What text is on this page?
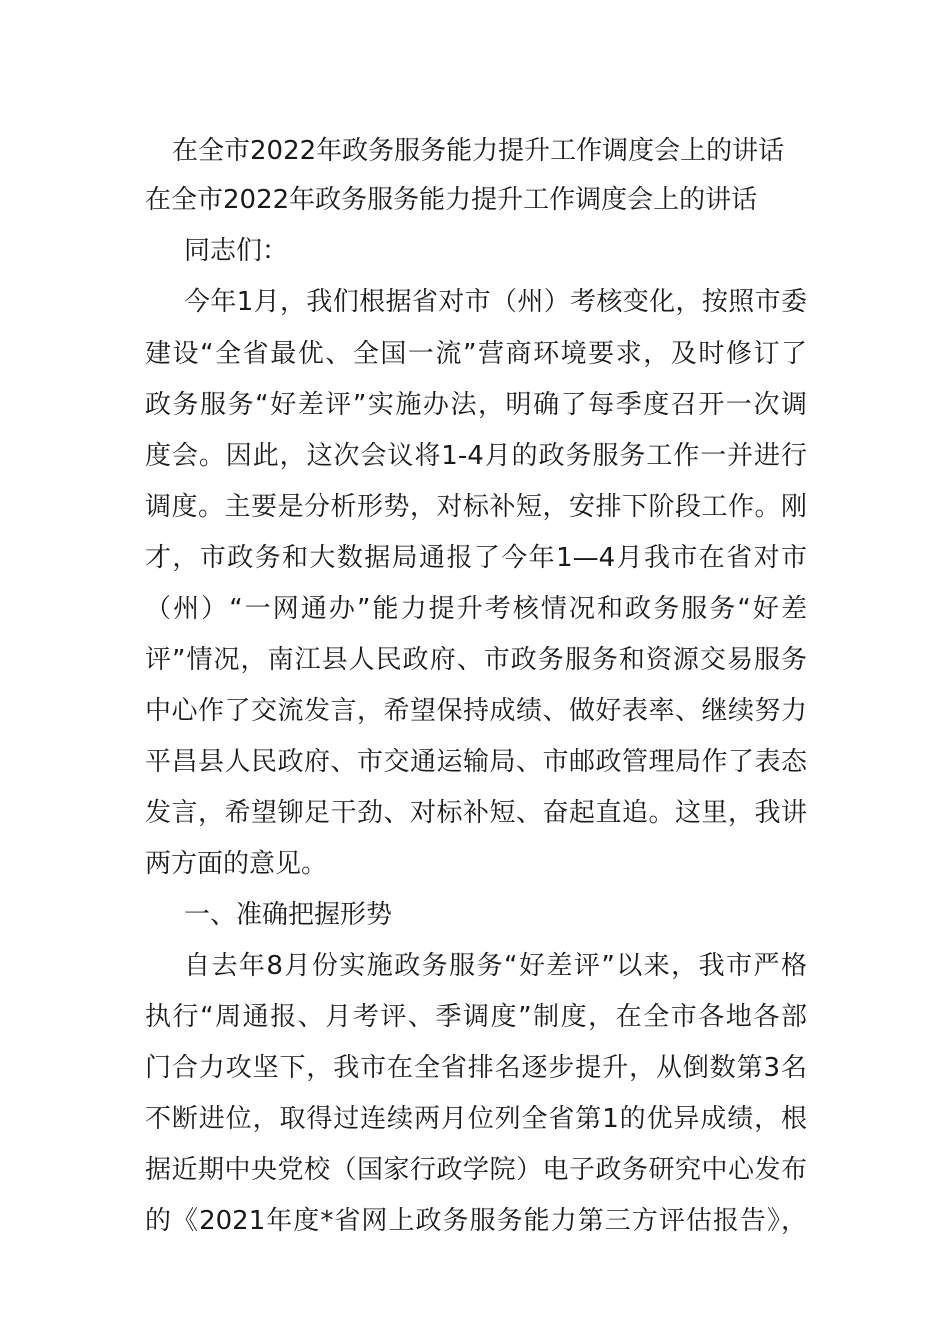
在全市2022年政务服务能力提升工作调度会上的讲话
在全市2022年政务服务能力提升工作调度会上的讲话
同志们：
今年1月，我们根据省对市（州）考核变化，按照市委
建设“全省最优、全国一流”营商环境要求，及时修订了
政务服务“好差评”实施办法，明确了每季度召开一次调
度会。因此，这次会议将1-4月的政务服务工作一并进行
调度。主要是分析形势，对标补短，安排下阶段工作。刚
才，市政务和大数据局通报了今年1—4月我市在省对市
（州）“一网通办”能力提升考核情况和政务服务“好差
评”情况，南江县人民政府、市政务服务和资源交易服务
中心作了交流发言，希望保持成绩、做好表率、继续努力
平昌县人民政府、市交通运输局、市邮政管理局作了表态
发言，希望铆足干劲、对标补短、奋起直追。这里，我讲
两方面的意见。
一、准确把握形势
自去年8月份实施政务服务“好差评”以来，我市严格
执行“周通报、月考评、季调度”制度，在全市各地各部
门合力攻坚下，我市在全省排名逐步提升，从倒数第3名
不断进位，取得过连续两月位列全省第1的优异成绩，根
据近期中央党校（国家行政学院）电子政务研究中心发布
的《2021年度*省网上政务服务能力第三方评估报告》，
